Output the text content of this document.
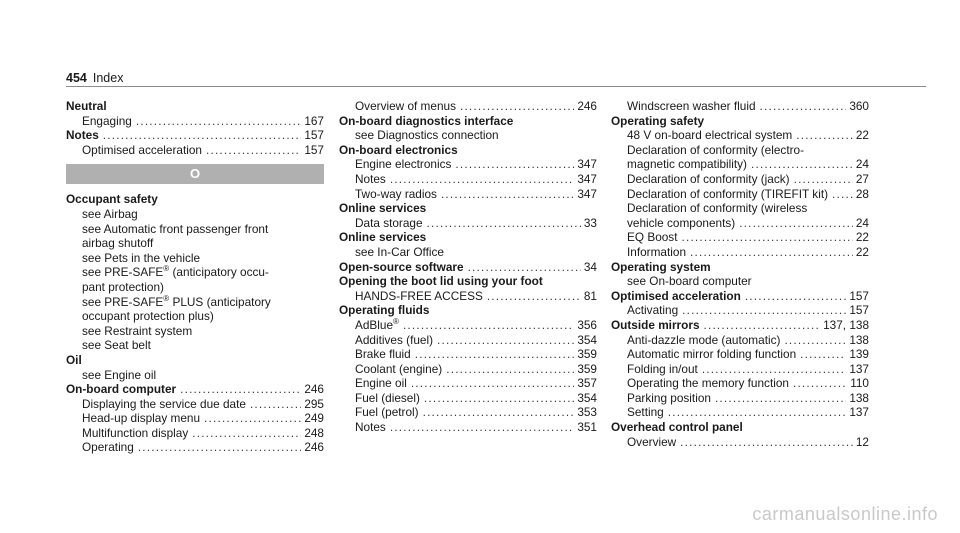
454 Index
Neutral
Engaging .....	167
Notes .....	157
Optimised acceleration .....	157
O
Occupant safety
see Airbag
see Automatic front passenger front
airbag shutoff
see Pets in the vehicle
see PRE-SAFE® (anticipatory occu-
pant protection)
see PRE-SAFE® PLUS (anticipatory
occupant protection plus)
see Restraint system
see Seat belt
Oil
see Engine oil
On-board computer .....	246
Displaying the service due date .....	295
Head-up display menu .....	249
Multifunction display .....	248
Operating .....	246
Overview of menus .....	246
On-board diagnostics interface
see Diagnostics connection
On-board electronics
Engine electronics .....	347
Notes .....	347
Two-way radios .....	347
Online services
Data storage .....	33
Online services
see In-Car Office
Open-source software .....	34
Opening the boot lid using your foot
HANDS-FREE ACCESS .....	81
Operating fluids
AdBlue® .....	356
Additives (fuel) .....	354
Brake fluid .....	359
Coolant (engine) .....	359
Engine oil .....	357
Fuel (diesel) .....	354
Fuel (petrol) .....	353
Notes .....	351
Windscreen washer fluid .....	360
Operating safety
48 V on-board electrical system .....	22
Declaration of conformity (electro-
magnetic compatibility) .....	24
Declaration of conformity (jack) .....	27
Declaration of conformity (TIREFIT kit) ..... 28
Declaration of conformity (wireless
vehicle components) .....	24
EQ Boost .....	22
Information .....	22
Operating system
see On-board computer
Optimised acceleration .....	157
Activating .....	157
Outside mirrors .....	137, 138
Anti-dazzle mode (automatic) .....	138
Automatic mirror folding function .....	139
Folding in/out .....	137
Operating the memory function .....	110
Parking position .....	138
Setting .....	137
Overhead control panel
Overview .....	12
carmanualsonline.info
